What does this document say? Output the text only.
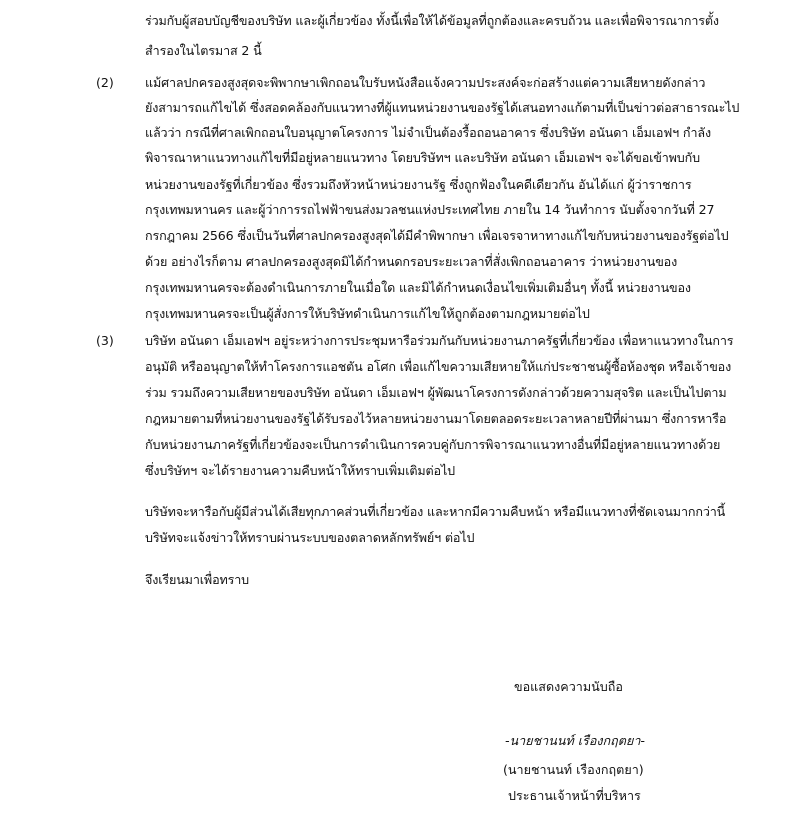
ร่วมกับผู้สอบบัญชีของบริษัท และผู้เกี่ยวข้อง ทั้งนี้เพื่อให้ได้ข้อมูลที่ถูกต้องและครบถ้วน และเพื่อพิจารณาการตั้ง
สำรองในไตรมาส 2 นี้
(2) แม้ศาลปกครองสูงสุดจะพิพากษาเพิกถอนใบรับหนังสือแจ้งความประสงค์จะก่อสร้างแต่ความเสียหายดังกล่าว
ยังสามารถแก้ไขได้ ซึ่งสอดคล้องกับแนวทางที่ผู้แทนหน่วยงานของรัฐได้เสนอทางแก้ตามที่เป็นข่าวต่อสาธารณะไป
แล้วว่า กรณีที่ศาลเพิกถอนใบอนุญาตโครงการ ไม่จำเป็นต้องรื้อถอนอาคาร ซึ่งบริษัท อนันดา เอ็มเอฟฯ กำลัง
พิจารณาหาแนวทางแก้ไขที่มีอยู่หลายแนวทาง โดยบริษัทฯ และบริษัท อนันดา เอ็มเอฟฯ จะได้ขอเข้าพบกับ
หน่วยงานของรัฐที่เกี่ยวข้อง ซึ่งรวมถึงหัวหน้าหน่วยงานรัฐ ซึ่งถูกฟ้องในคดีเดียวกัน อันได้แก่ ผู้ว่าราชการ
กรุงเทพมหานคร และผู้ว่าการรถไฟฟ้าขนส่งมวลชนแห่งประเทศไทย ภายใน 14 วันทำการ นับตั้งจากวันที่ 27
กรกฎาคม 2566 ซึ่งเป็นวันที่ศาลปกครองสูงสุดได้มีคำพิพากษา เพื่อเจรจาหาทางแก้ไขกับหน่วยงานของรัฐต่อไป
ด้วย อย่างไรก็ตาม ศาลปกครองสูงสุดมิได้กำหนดกรอบระยะเวลาที่สั่งเพิกถอนอาคาร ว่าหน่วยงานของ
กรุงเทพมหานครจะต้องดำเนินการภายในเมื่อใด และมิได้กำหนดเงื่อนไขเพิ่มเติมอื่นๆ ทั้งนี้ หน่วยงานของ
กรุงเทพมหานครจะเป็นผู้สั่งการให้บริษัทดำเนินการแก้ไขให้ถูกต้องตามกฎหมายต่อไป
(3) บริษัท อนันดา เอ็มเอฟฯ อยู่ระหว่างการประชุมหารือร่วมกันกับหน่วยงานภาครัฐที่เกี่ยวข้อง เพื่อหาแนวทางในการ
อนุมัติ หรืออนุญาตให้ทำโครงการแอชตัน อโศก เพื่อแก้ไขความเสียหายให้แก่ประชาชนผู้ซื้อห้องชุด หรือเจ้าของ
ร่วม รวมถึงความเสียหายของบริษัท อนันดา เอ็มเอฟฯ ผู้พัฒนาโครงการดังกล่าวด้วยความสุจริต และเป็นไปตาม
กฎหมายตามที่หน่วยงานของรัฐได้รับรองไว้หลายหน่วยงานมาโดยตลอดระยะเวลาหลายปีที่ผ่านมา ซึ่งการหารือ
กับหน่วยงานภาครัฐที่เกี่ยวข้องจะเป็นการดำเนินการควบคู่กับการพิจารณาแนวทางอื่นที่มีอยู่หลายแนวทางด้วย
ซึ่งบริษัทฯ จะได้รายงานความคืบหน้าให้ทราบเพิ่มเติมต่อไป
บริษัทจะหารือกับผู้มีส่วนได้เสียทุกภาคส่วนที่เกี่ยวข้อง และหากมีความคืบหน้า หรือมีแนวทางที่ชัดเจนมากกว่านี้
บริษัทจะแจ้งข่าวให้ทราบผ่านระบบของตลาดหลักทรัพย์ฯ ต่อไป
จึงเรียนมาเพื่อทราบ
ขอแสดงความนับถือ
-นายชานนท์ เรืองกฤตยา-
(นายชานนท์ เรืองกฤตยา)
ประธานเจ้าหน้าที่บริหาร
